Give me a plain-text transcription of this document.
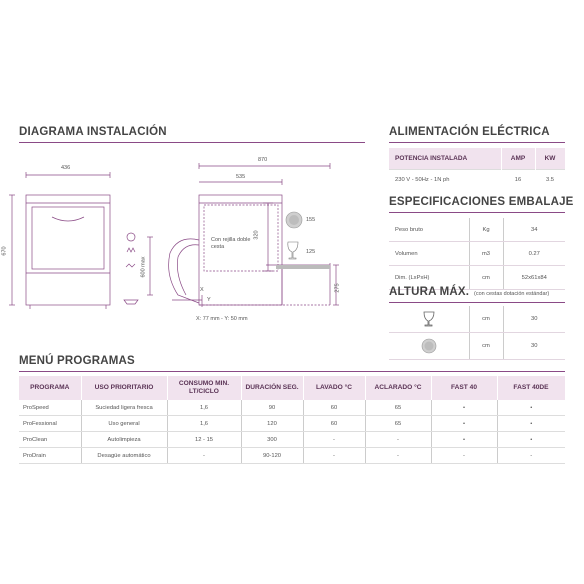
DIAGRAMA INSTALACIÓN
436
670
870
535
320
600 max
155
125
Con rejilla doble cesta
275
X
Y
X: 77 mm - Y: 50 mm
ALIMENTACIÓN ELÉCTRICA
POTENCIA INSTALADA	AMP	KW
230 V - 50Hz - 1N ph	16	3.5
ESPECIFICACIONES EMBALAJE
Peso bruto	Kg	34
Volumen	m3	0.27
Dim. (LxPxH)	cm	52x61x84
ALTURA MÁX. (con cestas dotación estándar)
	cm	30

	cm	30
MENÚ PROGRAMAS
PROGRAMA	USO PRIORITARIO	CONSUMO MIN. LT/CICLO	DURACIÓN SEG.	LAVADO °C	ACLARADO °C	FAST 40	FAST 40DE
ProSpeed	Suciedad ligera fresca	1,6	90	60	65	•	•
ProFessional	Uso general	1,6	120	60	65	•	•
ProClean	Autolimpieza	12 - 15	300	-	-	•	•
ProDrain	Desagüe automático	-	90-120	-	-	-	-
